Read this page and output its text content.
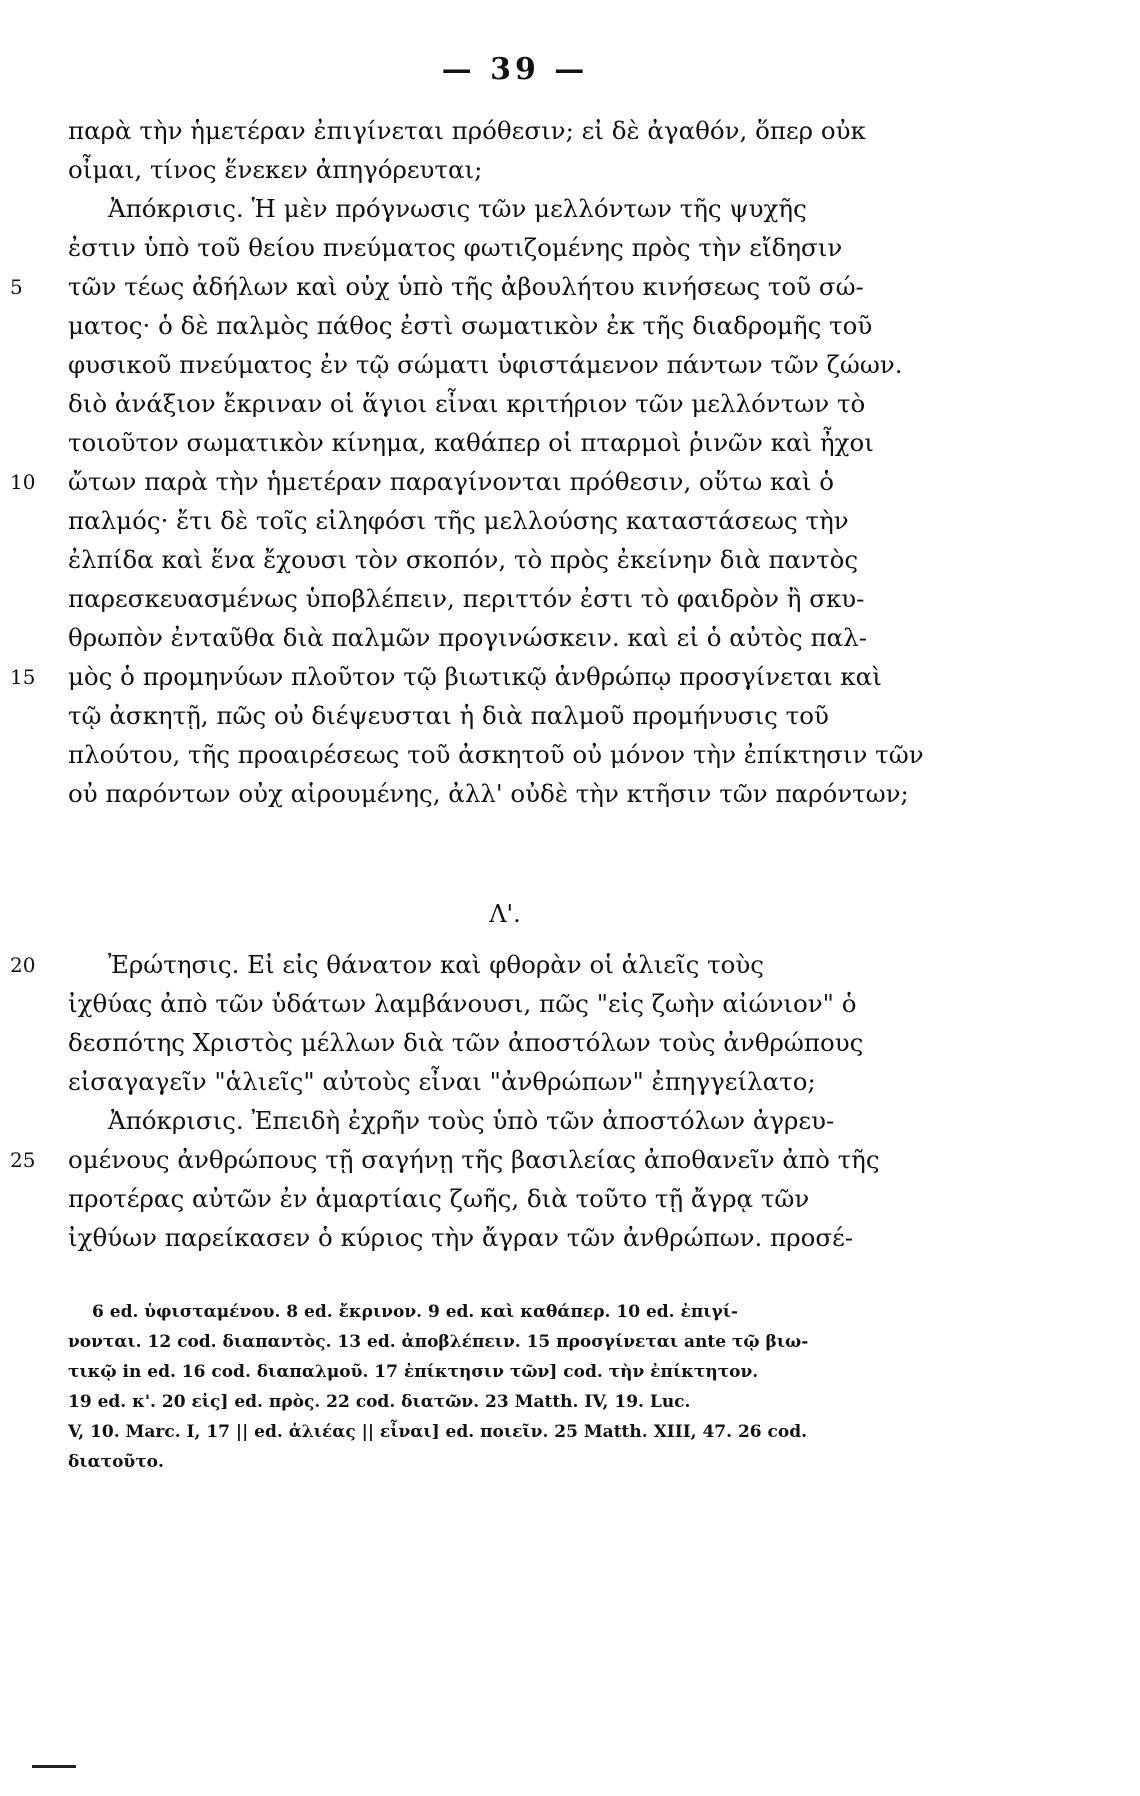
— 39 —
παρὰ τὴν ἡμετέραν ἐπιγίνεται πρόθεσιν; εἰ δὲ ἀγαθόν, ὅπερ οὐκ
οἶμαι, τίνος ἕνεκεν ἀπηγόρευται;
Ἀπόκρισις. Ἡ μὲν πρόγνωσις τῶν μελλόντων τῆς ψυχῆς
ἐστιν ὑπὸ τοῦ θείου πνεύματος φωτιζομένης πρὸς τὴν εἴδησιν
τῶν τέως ἀδήλων καὶ οὐχ ὑπὸ τῆς ἀβουλήτου κινήσεως τοῦ σώ-
ματος· ὁ δὲ παλμὸς πάθος ἐστὶ σωματικὸν ἐκ τῆς διαδρομῆς τοῦ
φυσικοῦ πνεύματος ἐν τῷ σώματι ὑφιστάμενον πάντων τῶν ζώων.
διὸ ἀνάξιον ἔκριναν οἱ ἅγιοι εἶναι κριτήριον τῶν μελλόντων τὸ
τοιοῦτον σωματικὸν κίνημα, καθάπερ οἱ πταρμοὶ ῥινῶν καὶ ἦχοι
ὤτων παρὰ τὴν ἡμετέραν παραγίνονται πρόθεσιν, οὕτω καὶ ὁ
παλμός· ἔτι δὲ τοῖς εἰληφόσι τῆς μελλούσης καταστάσεως τὴν
ἐλπίδα καὶ ἕνα ἔχουσι τὸν σκοπόν, τὸ πρὸς ἐκείνην διὰ παντὸς
παρεσκευασμένως ὑποβλέπειν, περιττόν ἐστι τὸ φαιδρὸν ἢ σκυ-
θρωπὸν ἐνταῦθα διὰ παλμῶν προγινώσκειν. καὶ εἰ ὁ αὐτὸς παλ-
μὸς ὁ προμηνύων πλοῦτον τῷ βιωτικῷ ἀνθρώπῳ προσγίνεται καὶ
τῷ ἀσκητῇ, πῶς οὐ διέψευσται ἡ διὰ παλμοῦ προμήνυσις τοῦ
πλούτου, τῆς προαιρέσεως τοῦ ἀσκητοῦ οὐ μόνον τὴν ἐπίκτησιν τῶν
οὐ παρόντων οὐχ αἱρουμένης, ἀλλ' οὐδὲ τὴν κτῆσιν τῶν παρόντων;
Λ'.
Ἐρώτησις. Εἰ εἰς θάνατον καὶ φθορὰν οἱ ἁλιεῖς τοὺς
ἰχθύας ἀπὸ τῶν ὑδάτων λαμβάνουσι, πῶς "εἰς ζωὴν αἰώνιον" ὁ
δεσπότης Χριστὸς μέλλων διὰ τῶν ἀποστόλων τοὺς ἀνθρώπους
εἰσαγαγεῖν "ἁλιεῖς" αὐτοὺς εἶναι "ἀνθρώπων" ἐπηγγείλατο;
Ἀπόκρισις. Ἐπειδὴ ἐχρῆν τοὺς ὑπὸ τῶν ἀποστόλων ἀγρευ-
ομένους ἀνθρώπους τῇ σαγήνῃ τῆς βασιλείας ἀποθανεῖν ἀπὸ τῆς
προτέρας αὐτῶν ἐν ἁμαρτίαις ζωῆς, διὰ τοῦτο τῇ ἄγρᾳ τῶν
ἰχθύων παρείκασεν ὁ κύριος τὴν ἄγραν τῶν ἀνθρώπων. προσέ-
5
10
15
20
25
6 ed. ὑφισταμένου. 8 ed. ἔκρινον. 9 ed. καὶ καθάπερ. 10 ed. ἐπιγί-
νονται. 12 cod. διαπαντὸς. 13 ed. ἀποβλέπειν. 15 προσγίνεται ante τῷ βιω-
τικῷ in ed. 16 cod. διαπαλμοῦ. 17 ἐπίκτησιν τῶν] cod. τὴν ἐπίκτητον.
19 ed. κ'. 20 εἰς] ed. πρὸς. 22 cod. διατῶν. 23 Matth. IV, 19. Luc.
V, 10. Marc. I, 17 || ed. ἁλιέας || εἶναι] ed. ποιεῖν. 25 Matth. XIII, 47. 26 cod.
διατοῦτο.
